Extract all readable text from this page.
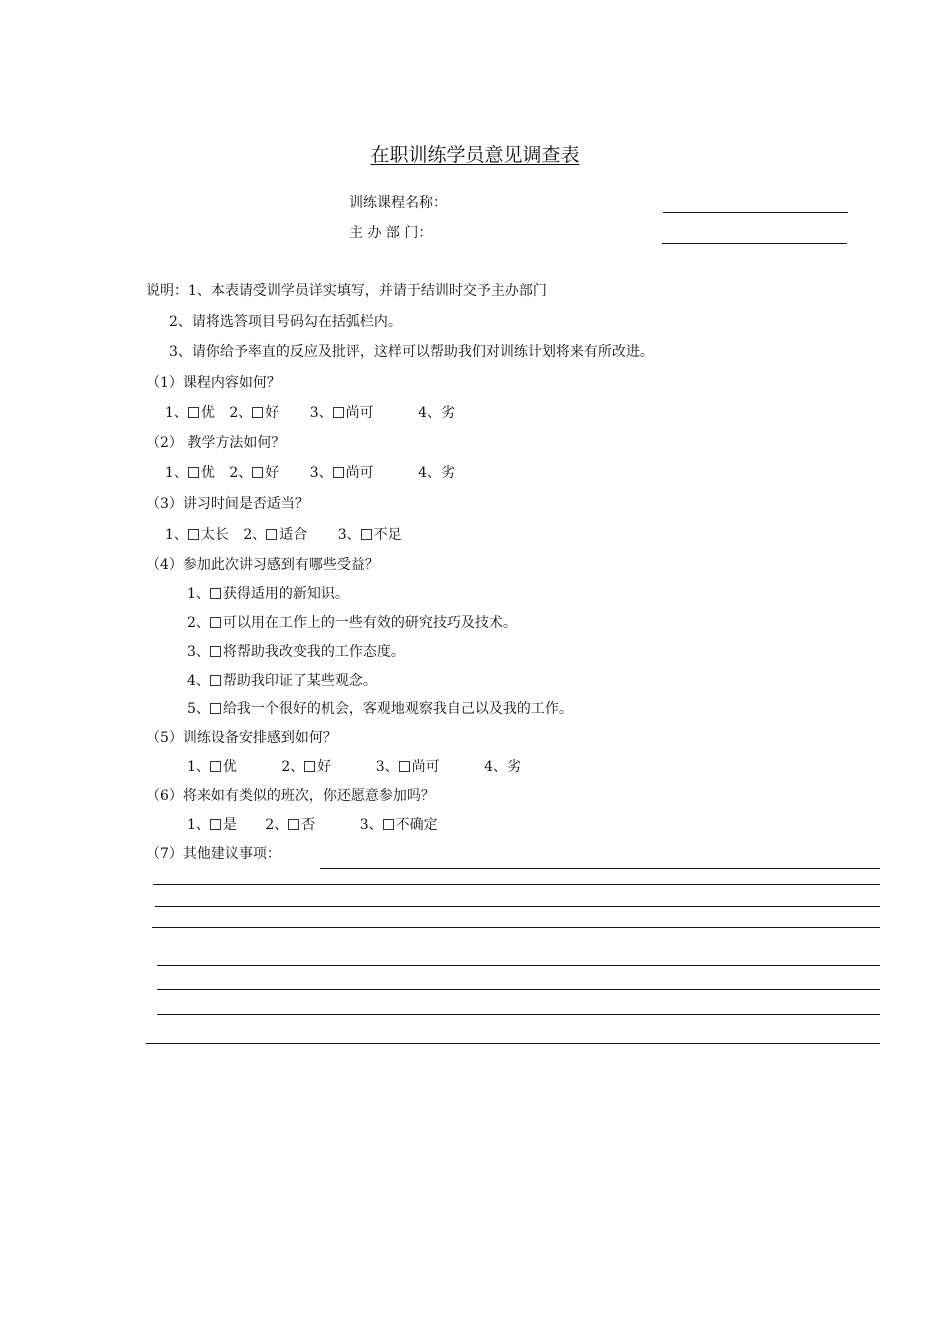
在职训练学员意见调查表
训练课程名称：
主 办 部 门：
说明：1、本表请受训学员详实填写，并请于结训时交予主办部门
2、请将选答项目号码勾在括弧栏内。
3、请你给予率直的反应及批评，这样可以帮助我们对训练计划将来有所改进。
（1）课程内容如何？
1、 优 2、 好 3、 尚可	4、劣
（2） 教学方法如何？
1、 优 2、 好 3、 尚可	4、劣
（3）讲习时间是否适当？
1、 太长 2、 适合 3、 不足
（4）参加此次讲习感到有哪些受益？
1、 获得适用的新知识。
2、 可以用在工作上的一些有效的研究技巧及技术。
3、 将帮助我改变我的工作态度。
4、 帮助我印证了某些观念。
5、 给我一个很好的机会，客观地观察我自己以及我的工作。
（5）训练设备安排感到如何？
1、 优	2、 好	3、 尚可	4、劣
（6）将来如有类似的班次，你还愿意参加吗？
1、 是 2、 否	3、 不确定
（7）其他建议事项：
